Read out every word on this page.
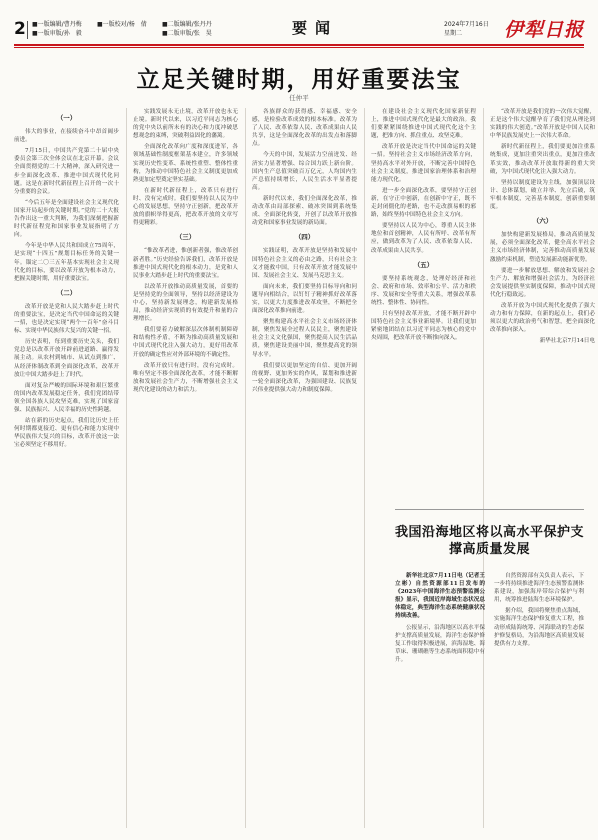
2 ■一版编辑/曹丹梅	■一版校对/杨　倩	■二版编辑/张丹丹
■一版审版/孙　毅	■二版审版/张　昊	要闻	2024年7月16日
星期二	伊犁日报
立足关键时期，用好重要法宝
任仲平

（一）

伟大的事业，在接续奋斗中昂首阔步前进。

7月15日，中国共产党第二十届中央委员会第三次全体会议在北京开幕。会议全面贯彻党的二十大精神，深入研究进一步全面深化改革、推进中国式现代化问题。这是在新时代新征程上召开的一次十分重要的会议。

“今后五年是全面建设社会主义现代化国家开局起步的关键时期。”党的二十大报告作出这一重大判断，为我们深刻把握新时代新征程党和国家事业发展指明了方向。

今年是中华人民共和国成立75周年，是实现“十四五”规划目标任务的关键一年。锚定二〇三五年基本实现社会主义现代化的目标，要以改革开放为根本动力，把握关键时期，用好重要法宝。

（二）

改革开放是党和人民大踏步赶上时代的重要法宝，是决定当代中国命运的关键一招，也是决定实现“两个一百年”奋斗目标、实现中华民族伟大复兴的关键一招。

历史表明，每到重要历史关头，我们党总是以改革开放开辟前进道路、赢得发展主动。从农村到城市、从试点到推广、从经济体制改革到全面深化改革，改革开放让中国大踏步赶上了时代。

面对复杂严峻的国际环境和艰巨繁重的国内改革发展稳定任务，我们党团结带领全国各族人民攻坚克难，实现了国家富强、民族振兴、人民幸福的历史性跨越。

站在新的历史起点，我们比历史上任何时期都更接近、更有信心和能力实现中华民族伟大复兴的目标，改革开放这一法宝必须坚定不移用好。

实践发展永无止境，改革开放也永无止境。新时代以来，以习近平同志为核心的党中央以前所未有的决心和力度冲破思想观念的束缚，突破利益固化的藩篱。

全面深化改革向广度和深度进军，各领域基础性制度框架基本建立，许多领域实现历史性变革、系统性重塑、整体性重构，为推动中国特色社会主义制度更加成熟更加定型奠定坚实基础。

在新时代新征程上，改革只有进行时、没有完成时。我们要坚持以人民为中心的发展思想，坚持守正创新，把改革开放的旗帜举得更高，把改革开放的文章写得更精彩。

（三）

“惟改革者进，惟创新者强，惟改革创新者胜。”历史经验告诉我们，改革开放是推进中国式现代化的根本动力，是党和人民事业大踏步赶上时代的重要法宝。

以改革开放推动高质量发展，首要的是坚持党的全面领导，坚持以经济建设为中心，坚持新发展理念，构建新发展格局，推动经济实现质的有效提升和量的合理增长。

我们要着力破解深层次体制机制障碍和结构性矛盾，不断为推动高质量发展和中国式现代化注入强大动力，更好用改革开放的确定性应对外部环境的不确定性。

改革开放只有进行时，没有完成时。唯有坚定不移全面深化改革，才能不断解放和发展社会生产力，不断增强社会主义现代化建设的动力和活力。

各族群众的获得感、幸福感、安全感，是检验改革成效的根本标准。改革为了人民、改革依靠人民、改革成果由人民共享，这是全面深化改革的出发点和落脚点。

今天的中国，发展活力空前迸发、经济实力显著增强、综合国力跃上新台阶。国内生产总值突破百万亿元，人均国内生产总值持续增长，人民生活水平显著提高。

新时代以来，我们全面深化改革，推动改革由局部探索、破冰突围到系统集成、全面深化转变，开创了以改革开放推动党和国家事业发展的新局面。

（四）

实践证明，改革开放是坚持和发展中国特色社会主义的必由之路，只有社会主义才能救中国，只有改革开放才能发展中国、发展社会主义、发展马克思主义。

面向未来，我们要坚持目标导向和问题导向相结合，以钉钉子精神抓好改革落实，以更大力度推进改革攻坚，不断把全面深化改革推向前进。

聚焦构建高水平社会主义市场经济体制，聚焦发展全过程人民民主，聚焦建设社会主义文化强国，聚焦提高人民生活品质，聚焦建设美丽中国，聚焦提高党的领导水平。

我们要以更加坚定的自信、更加开阔的视野、更加务实的作风，谋划和推进新一轮全面深化改革，为强国建设、民族复兴伟业提供强大动力和制度保障。

在建设社会主义现代化国家新征程上，推进中国式现代化是最大的政治。我们要紧紧围绕推进中国式现代化这个主题，把准方向、抓住重点、攻坚克难。

改革开放是决定当代中国命运的关键一招。坚持社会主义市场经济改革方向，坚持高水平对外开放，不断完善中国特色社会主义制度，推进国家治理体系和治理能力现代化。

进一步全面深化改革，要坚持守正创新，在守正中创新，在创新中守正，既不走封闭僵化的老路，也不走改旗易帜的邪路，始终坚持中国特色社会主义方向。

要坚持以人民为中心，尊重人民主体地位和首创精神，人民有所呼、改革有所应，做到改革为了人民、改革依靠人民、改革成果由人民共享。

（五）

要坚持系统观念，处理好经济和社会、政府和市场、效率和公平、活力和秩序、发展和安全等重大关系，增强改革系统性、整体性、协同性。

只有坚持改革开放，才能不断开辟中国特色社会主义事业新境界。让我们更加紧密地团结在以习近平同志为核心的党中央周围，把改革开放不断推向深入。

“改革开放是我们党的一次伟大觉醒，正是这个伟大觉醒孕育了我们党从理论到实践的伟大创造。”改革开放是中国人民和中华民族发展史上一次伟大革命。

新时代新征程上，我们要更加注重系统集成，更加注重突出重点，更加注重改革实效，推动改革开放取得新的重大突破，为中国式现代化注入强大动力。

坚持以制度建设为主线，加强顶层设计、总体谋划，破立并举、先立后破，筑牢根本制度，完善基本制度，创新重要制度。

（六）

加快构建新发展格局，推动高质量发展，必须全面深化改革，健全高水平社会主义市场经济体制，完善推动高质量发展激励约束机制，塑造发展新动能新优势。

要进一步解放思想、解放和发展社会生产力、解放和增强社会活力，为经济社会发展提供坚实制度保障，推动中国式现代化行稳致远。

改革开放为中国式现代化提供了强大动力和有力保障，在新的起点上，我们必须以更大的政治勇气和智慧，把全面深化改革推向深入。

新华社北京7月14日电

我国沿海地区将以高水平保护支撑高质量发展

新华社北京7月11日电（记者王立彬）自然资源部11日发布的《2023年中国海洋生态预警监测公报》显示，我国近岸海域生态状况总体稳定，典型海洋生态系统健康状况持续改善。

公报显示，沿海地区以高水平保护支撑高质量发展，海洋生态保护修复工作取得积极进展，滨海湿地、海草床、珊瑚礁等生态系统面积稳中有升。

自然资源部有关负责人表示，下一步将持续推进海洋生态预警监测体系建设，加强海岸带综合保护与利用，统筹推进陆海生态环境保护。

据介绍，我国将聚焦重点海域，实施海洋生态保护修复重大工程，推动形成陆海统筹、河海联动的生态保护修复格局，为沿海地区高质量发展提供有力支撑。
